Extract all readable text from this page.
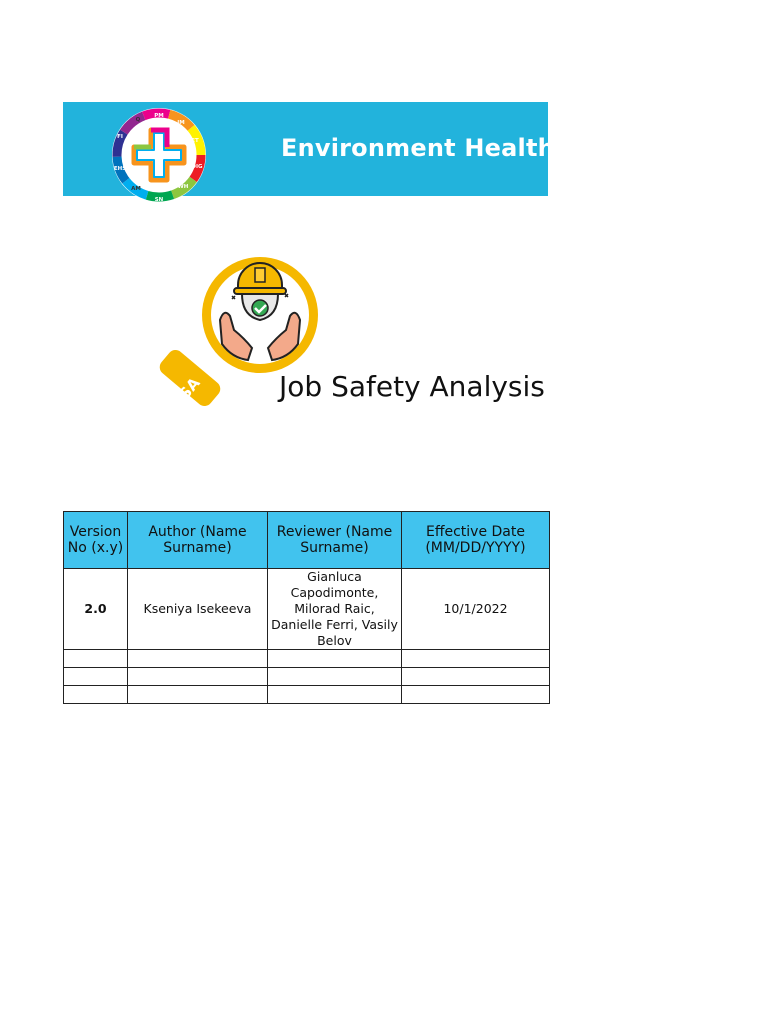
PM
IM
ET
DIG
WH
SN
AM
EHS
FI
Q
Environment Health &
JSA	Job Safety Analysis
Version No (x.y)	Author (Name Surname)	Reviewer (Name Surname)	Effective Date (MM/DD/YYYY)
2.0	Kseniya Isekeeva	Gianluca Capodimonte, Milorad Raic, Danielle Ferri, Vasily Belov	10/1/2022
